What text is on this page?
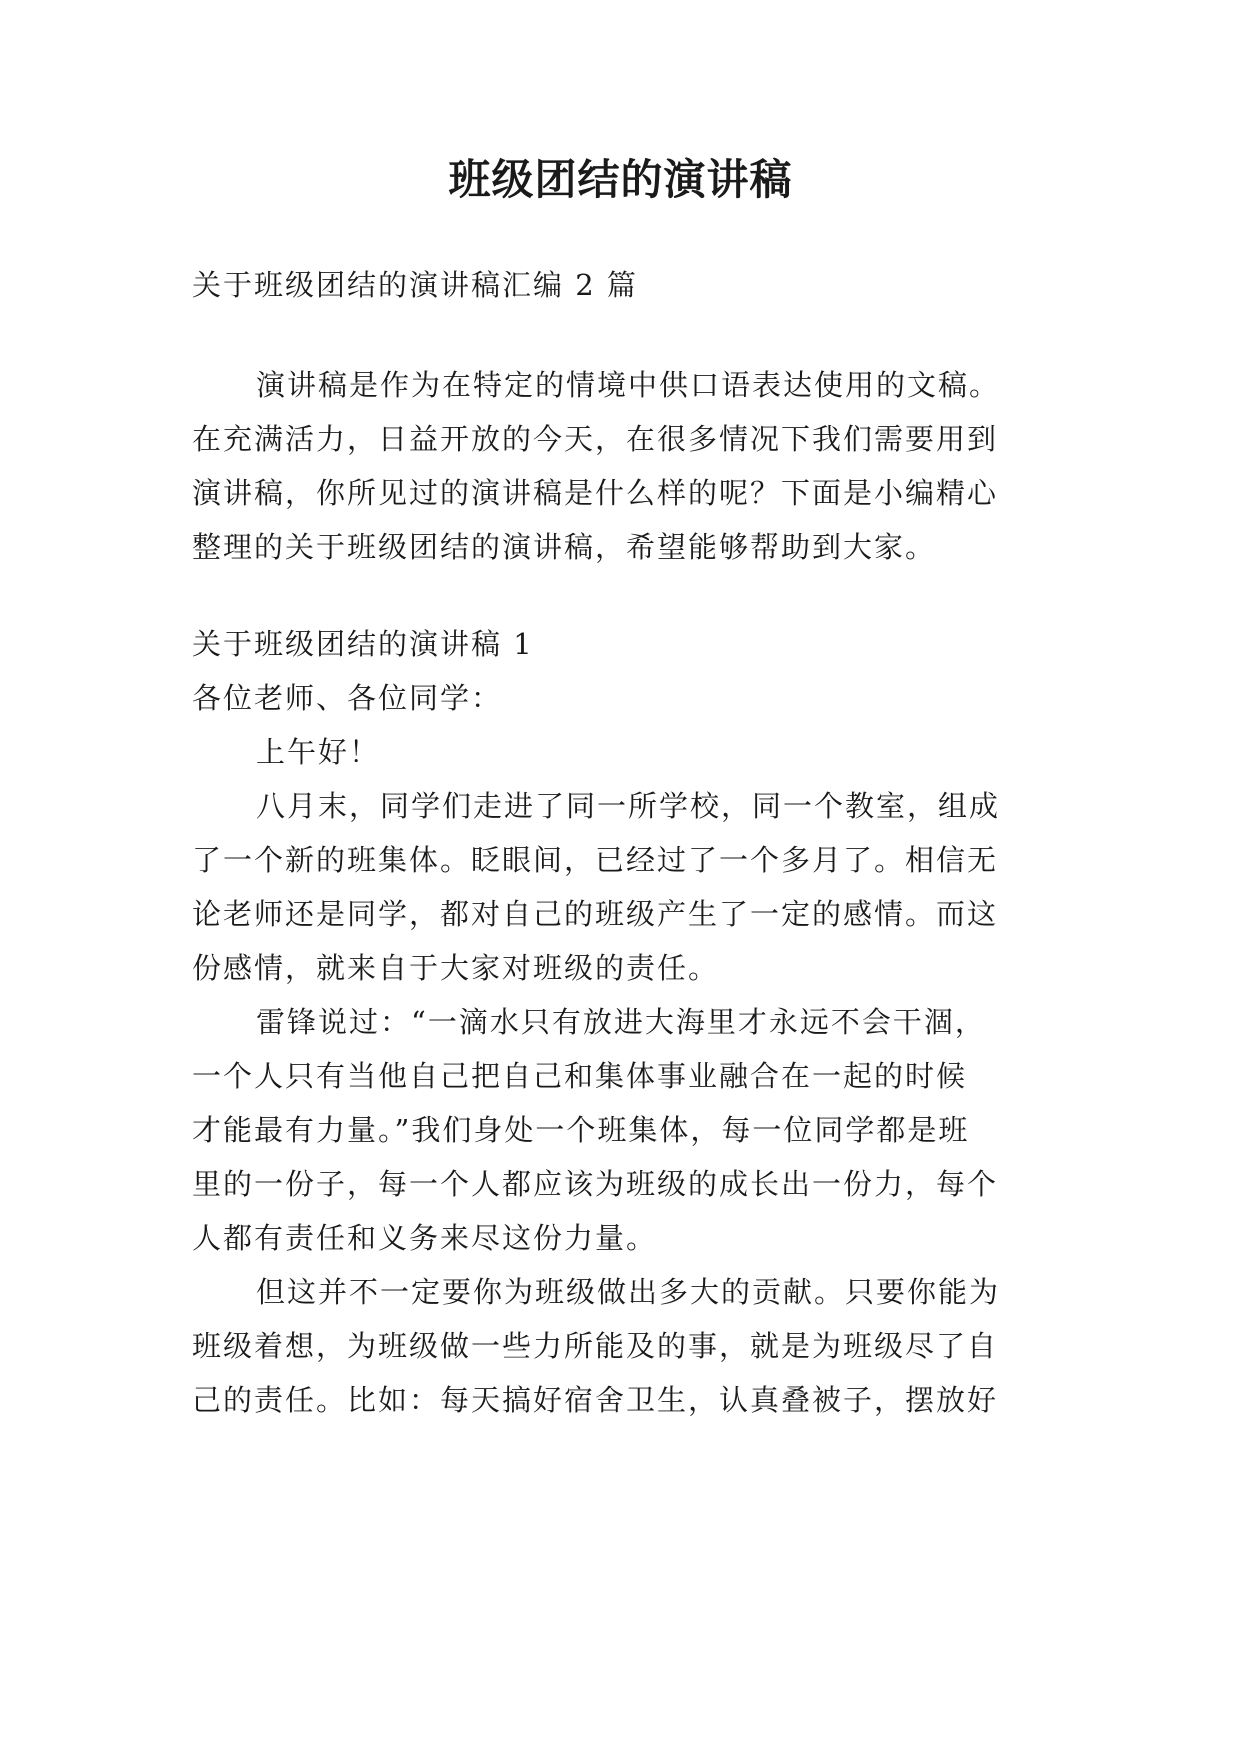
班级团结的演讲稿
关于班级团结的演讲稿汇编 2 篇
演讲稿是作为在特定的情境中供口语表达使用的文稿。
在充满活力，日益开放的今天，在很多情况下我们需要用到
演讲稿，你所见过的演讲稿是什么样的呢？下面是小编精心
整理的关于班级团结的演讲稿，希望能够帮助到大家。
关于班级团结的演讲稿 1
各位老师、各位同学：
上午好！
八月末，同学们走进了同一所学校，同一个教室，组成
了一个新的班集体。眨眼间，已经过了一个多月了。相信无
论老师还是同学，都对自己的班级产生了一定的感情。而这
份感情，就来自于大家对班级的责任。
雷锋说过：“一滴水只有放进大海里才永远不会干涸，
一个人只有当他自己把自己和集体事业融合在一起的时候
才能最有力量。”我们身处一个班集体，每一位同学都是班
里的一份子，每一个人都应该为班级的成长出一份力，每个
人都有责任和义务来尽这份力量。
但这并不一定要你为班级做出多大的贡献。只要你能为
班级着想，为班级做一些力所能及的事，就是为班级尽了自
己的责任。比如：每天搞好宿舍卫生，认真叠被子，摆放好
